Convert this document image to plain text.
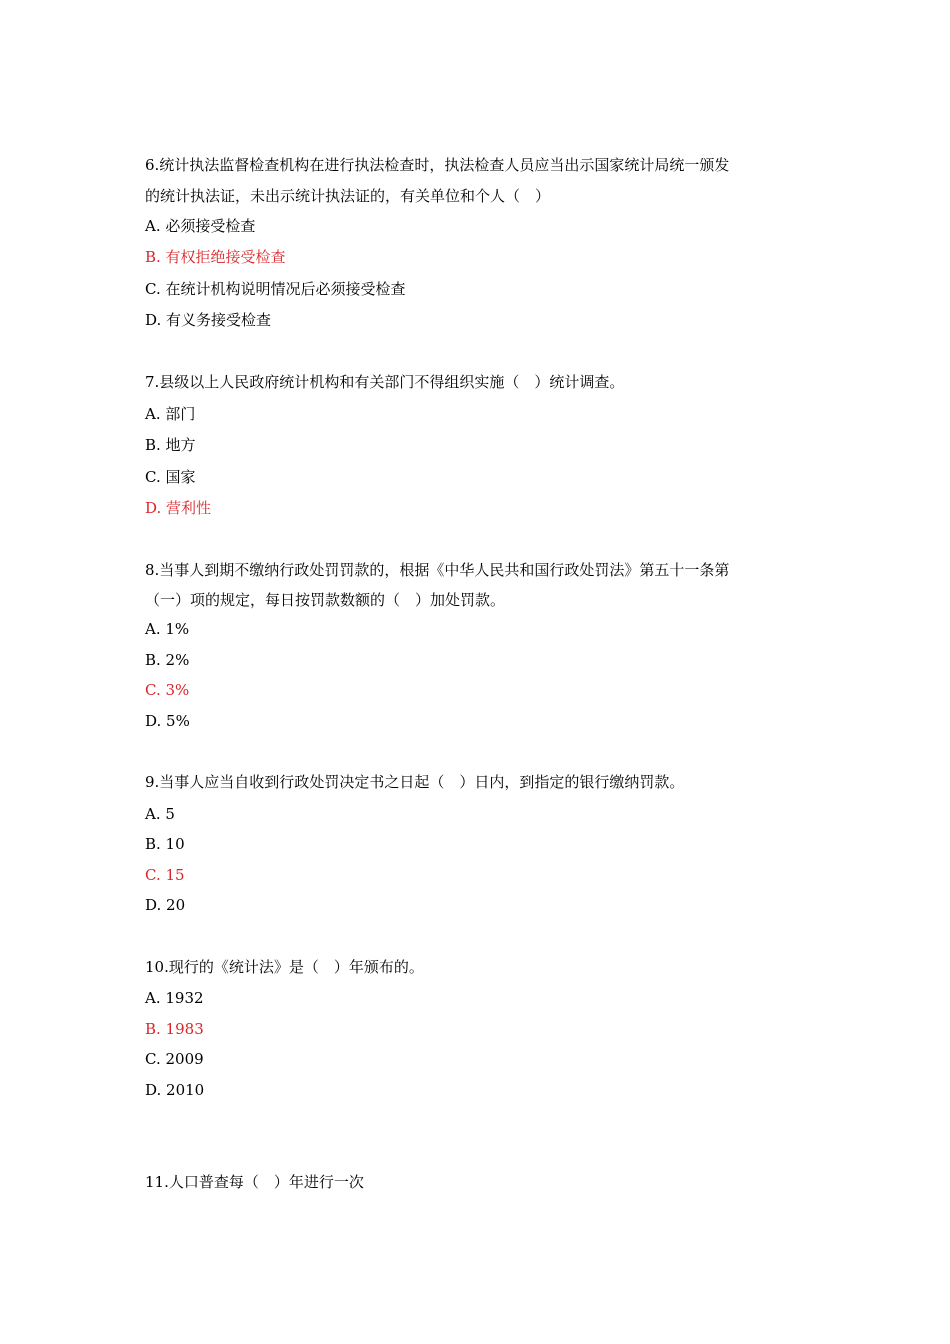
6.统计执法监督检查机构在进行执法检查时，执法检查人员应当出示国家统计局统一颁发

的统计执法证，未出示统计执法证的，有关单位和个人（　）

A. 必须接受检查

B. 有权拒绝接受检查

C. 在统计机构说明情况后必须接受检查

D. 有义务接受检查

7.县级以上人民政府统计机构和有关部门不得组织实施（　）统计调查。

A. 部门

B. 地方

C. 国家

D. 营利性

8.当事人到期不缴纳行政处罚罚款的，根据《中华人民共和国行政处罚法》第五十一条第

（一）项的规定，每日按罚款数额的（　）加处罚款。

A. 1%

B. 2%

C. 3%

D. 5%

9.当事人应当自收到行政处罚决定书之日起（　）日内，到指定的银行缴纳罚款。

A. 5

B. 10

C. 15

D. 20

10.现行的《统计法》是（　）年颁布的。

A. 1932

B. 1983

C. 2009

D. 2010

11.人口普查每（　）年进行一次
